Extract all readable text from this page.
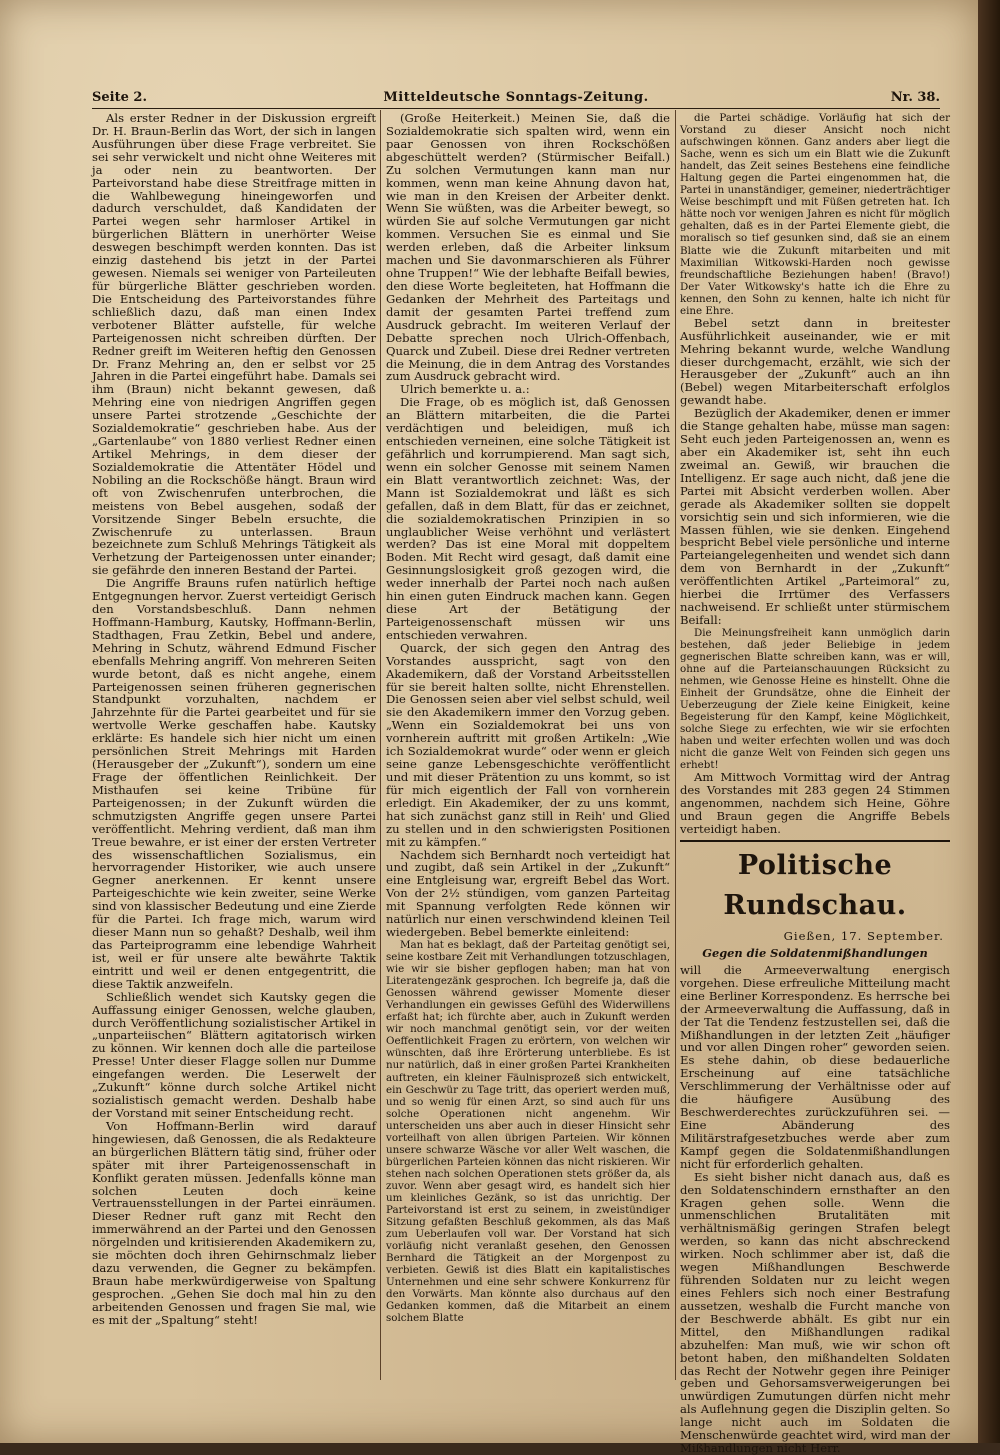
Seite 2.	Mitteldeutsche Sonntags-Zeitung.	Nr. 38.

Als erster Redner in der Diskussion ergreift Dr. H. Braun-Berlin das Wort, der sich in langen Ausführungen über diese Frage verbreitet. Sie sei sehr verwickelt und nicht ohne Weiteres mit ja oder nein zu beantworten. Der Parteivorstand habe diese Streitfrage mitten in die Wahlbewegung hineingeworfen und dadurch verschuldet, daß Kandidaten der Partei wegen sehr harmloser Artikel in bürgerlichen Blättern in unerhörter Weise deswegen beschimpft werden konnten. Das ist einzig dastehend bis jetzt in der Partei gewesen. Niemals sei weniger von Parteileuten für bürgerliche Blätter geschrieben worden. Die Entscheidung des Parteivorstandes führe schließlich dazu, daß man einen Index verbotener Blätter aufstelle, für welche Parteigenossen nicht schreiben dürften. Der Redner greift im Weiteren heftig den Genossen Dr. Franz Mehring an, den er selbst vor 25 Jahren in die Partei eingeführt habe. Damals sei ihm (Braun) nicht bekannt gewesen, daß Mehring eine von niedrigen Angriffen gegen unsere Partei strotzende „Geschichte der Sozialdemokratie“ geschrieben habe. Aus der „Gartenlaube“ von 1880 verliest Redner einen Artikel Mehrings, in dem dieser der Sozialdemokratie die Attentäter Hödel und Nobiling an die Rockschöße hängt. Braun wird oft von Zwischenrufen unterbrochen, die meistens von Bebel ausgehen, sodaß der Vorsitzende Singer Bebeln ersuchte, die Zwischenrufe zu unterlassen. Braun bezeichnete zum Schluß Mehrings Tätigkeit als Verhetzung der Parteigenossen unter einander; sie gefährde den inneren Bestand der Partei.

Die Angriffe Brauns rufen natürlich heftige Entgegnungen hervor. Zuerst verteidigt Gerisch den Vorstandsbeschluß. Dann nehmen Hoffmann-Hamburg, Kautsky, Hoffmann-Berlin, Stadthagen, Frau Zetkin, Bebel und andere, Mehring in Schutz, während Edmund Fischer ebenfalls Mehring angriff. Von mehreren Seiten wurde betont, daß es nicht angehe, einem Parteigenossen seinen früheren gegnerischen Standpunkt vorzuhalten, nachdem er Jahrzehnte für die Partei gearbeitet und für sie wertvolle Werke geschaffen habe. Kautsky erklärte: Es handele sich hier nicht um einen persönlichen Streit Mehrings mit Harden (Herausgeber der „Zukunft“), sondern um eine Frage der öffentlichen Reinlichkeit. Der Misthaufen sei keine Tribüne für Parteigenossen; in der Zukunft würden die schmutzigsten Angriffe gegen unsere Partei veröffentlicht. Mehring verdient, daß man ihm Treue bewahre, er ist einer der ersten Vertreter des wissenschaftlichen Sozialismus, ein hervorragender Historiker, wie auch unsere Gegner anerkennen. Er kennt unsere Parteigeschichte wie kein zweiter, seine Werke sind von klassischer Bedeutung und eine Zierde für die Partei. Ich frage mich, warum wird dieser Mann nun so gehaßt? Deshalb, weil ihm das Parteiprogramm eine lebendige Wahrheit ist, weil er für unsere alte bewährte Taktik eintritt und weil er denen entgegentritt, die diese Taktik anzweifeln.

Schließlich wendet sich Kautsky gegen die Auffassung einiger Genossen, welche glauben, durch Veröffentlichung sozialistischer Artikel in „unparteiischen“ Blättern agitatorisch wirken zu können. Wir kennen doch alle die parteilose Presse! Unter dieser Flagge sollen nur Dumme eingefangen werden. Die Leserwelt der „Zukunft“ könne durch solche Artikel nicht sozialistisch gemacht werden. Deshalb habe der Vorstand mit seiner Entscheidung recht.

Von Hoffmann-Berlin wird darauf hingewiesen, daß Genossen, die als Redakteure an bürgerlichen Blättern tätig sind, früher oder später mit ihrer Parteigenossenschaft in Konflikt geraten müssen. Jedenfalls könne man solchen Leuten doch keine Vertrauensstellungen in der Partei einräumen. Dieser Redner ruft ganz mit Recht den immerwährend an der Partei und den Genossen nörgelnden und kritisierenden Akademikern zu, sie möchten doch ihren Gehirnschmalz lieber dazu verwenden, die Gegner zu bekämpfen. Braun habe merkwürdigerweise von Spaltung gesprochen. „Gehen Sie doch mal hin zu den arbeitenden Genossen und fragen Sie mal, wie es mit der „Spaltung“ steht!

(Große Heiterkeit.) Meinen Sie, daß die Sozialdemokratie sich spalten wird, wenn ein paar Genossen von ihren Rockschößen abgeschüttelt werden? (Stürmischer Beifall.) Zu solchen Vermutungen kann man nur kommen, wenn man keine Ahnung davon hat, wie man in den Kreisen der Arbeiter denkt. Wenn Sie wüßten, was die Arbeiter bewegt, so würden Sie auf solche Vermutungen gar nicht kommen. Versuchen Sie es einmal und Sie werden erleben, daß die Arbeiter linksum machen und Sie davonmarschieren als Führer ohne Truppen!“ Wie der lebhafte Beifall bewies, den diese Worte begleiteten, hat Hoffmann die Gedanken der Mehrheit des Parteitags und damit der gesamten Partei treffend zum Ausdruck gebracht. Im weiteren Verlauf der Debatte sprechen noch Ulrich-Offenbach, Quarck und Zubeil. Diese drei Redner vertreten die Meinung, die in dem Antrag des Vorstandes zum Ausdruck gebracht wird.

Ulrich bemerkte u. a.:

Die Frage, ob es möglich ist, daß Genossen an Blättern mitarbeiten, die die Partei verdächtigen und beleidigen, muß ich entschieden verneinen, eine solche Tätigkeit ist gefährlich und korrumpierend. Man sagt sich, wenn ein solcher Genosse mit seinem Namen ein Blatt verantwortlich zeichnet: Was, der Mann ist Sozialdemokrat und läßt es sich gefallen, daß in dem Blatt, für das er zeichnet, die sozialdemokratischen Prinzipien in so unglaublicher Weise verhöhnt und verlästert werden? Das ist eine Moral mit doppeltem Boden. Mit Recht wird gesagt, daß damit eine Gesinnungslosigkeit groß gezogen wird, die weder innerhalb der Partei noch nach außen hin einen guten Eindruck machen kann. Gegen diese Art der Betätigung der Parteigenossenschaft müssen wir uns entschieden verwahren.

Quarck, der sich gegen den Antrag des Vorstandes ausspricht, sagt von den Akademikern, daß der Vorstand Arbeitsstellen für sie bereit halten sollte, nicht Ehrenstellen. Die Genossen seien aber viel selbst schuld, weil sie den Akademikern immer den Vorzug geben. „Wenn ein Sozialdemokrat bei uns von vornherein auftritt mit großen Artikeln: „Wie ich Sozialdemokrat wurde“ oder wenn er gleich seine ganze Lebensgeschichte veröffentlicht und mit dieser Prätention zu uns kommt, so ist für mich eigentlich der Fall von vornherein erledigt. Ein Akademiker, der zu uns kommt, hat sich zunächst ganz still in Reih' und Glied zu stellen und in den schwierigsten Positionen mit zu kämpfen.“

Nachdem sich Bernhardt noch verteidigt hat und zugibt, daß sein Artikel in der „Zukunft“ eine Entgleisung war, ergreift Bebel das Wort. Von der 2½ stündigen, vom ganzen Parteitag mit Spannung verfolgten Rede können wir natürlich nur einen verschwindend kleinen Teil wiedergeben. Bebel bemerkte einleitend:

Man hat es beklagt, daß der Parteitag genötigt sei, seine kostbare Zeit mit Verhandlungen totzuschlagen, wie wir sie bisher gepflogen haben; man hat von Literatengezänk gesprochen. Ich begreife ja, daß die Genossen während gewisser Momente dieser Verhandlungen ein gewisses Gefühl des Widerwillens erfaßt hat; ich fürchte aber, auch in Zukunft werden wir noch manchmal genötigt sein, vor der weiten Oeffentlichkeit Fragen zu erörtern, von welchen wir wünschten, daß ihre Erörterung unterbliebe. Es ist nur natürlich, daß in einer großen Partei Krankheiten auftreten, ein kleiner Fäulnisprozeß sich entwickelt, ein Geschwür zu Tage tritt, das operiert werden muß, und so wenig für einen Arzt, so sind auch für uns solche Operationen nicht angenehm. Wir unterscheiden uns aber auch in dieser Hinsicht sehr vorteilhaft von allen übrigen Parteien. Wir können unsere schwarze Wäsche vor aller Welt waschen, die bürgerlichen Parteien können das nicht riskieren. Wir stehen nach solchen Operationen stets größer da, als zuvor. Wenn aber gesagt wird, es handelt sich hier um kleinliches Gezänk, so ist das unrichtig. Der Parteivorstand ist erst zu seinem, in zweistündiger Sitzung gefaßten Beschluß gekommen, als das Maß zum Ueberlaufen voll war. Der Vorstand hat sich vorläufig nicht veranlaßt gesehen, den Genossen Bernhard die Tätigkeit an der Morgenpost zu verbieten. Gewiß ist dies Blatt ein kapitalistisches Unternehmen und eine sehr schwere Konkurrenz für den Vorwärts. Man könnte also durchaus auf den Gedanken kommen, daß die Mitarbeit an einem solchem Blatte

die Partei schädige. Vorläufig hat sich der Vorstand zu dieser Ansicht noch nicht aufschwingen können. Ganz anders aber liegt die Sache, wenn es sich um ein Blatt wie die Zukunft handelt, das Zeit seines Bestehens eine feindliche Haltung gegen die Partei eingenommen hat, die Partei in unanständiger, gemeiner, niederträchtiger Weise beschimpft und mit Füßen getreten hat. Ich hätte noch vor wenigen Jahren es nicht für möglich gehalten, daß es in der Partei Elemente giebt, die moralisch so tief gesunken sind, daß sie an einem Blatte wie die Zukunft mitarbeiten und mit Maximilian Witkowski-Harden noch gewisse freundschaftliche Beziehungen haben! (Bravo!) Der Vater Witkowsky's hatte ich die Ehre zu kennen, den Sohn zu kennen, halte ich nicht für eine Ehre.

Bebel setzt dann in breitester Ausführlichkeit auseinander, wie er mit Mehring bekannt wurde, welche Wandlung dieser durchgemacht, erzählt, wie sich der Herausgeber der „Zukunft“ auch an ihn (Bebel) wegen Mitarbeiterschaft erfolglos gewandt habe.

Bezüglich der Akademiker, denen er immer die Stange gehalten habe, müsse man sagen: Seht euch jeden Parteigenossen an, wenn es aber ein Akademiker ist, seht ihn euch zweimal an. Gewiß, wir brauchen die Intelligenz. Er sage auch nicht, daß jene die Partei mit Absicht verderben wollen. Aber gerade als Akademiker sollten sie doppelt vorsichtig sein und sich informieren, wie die Massen fühlen, wie sie denken. Eingehend bespricht Bebel viele persönliche und interne Parteiangelegenheiten und wendet sich dann dem von Bernhardt in der „Zukunft“ veröffentlichten Artikel „Parteimoral“ zu, hierbei die Irrtümer des Verfassers nachweisend. Er schließt unter stürmischem Beifall:

Die Meinungsfreiheit kann unmöglich darin bestehen, daß jeder Beliebige in jedem gegnerischen Blatte schreiben kann, was er will, ohne auf die Parteianschauungen Rücksicht zu nehmen, wie Genosse Heine es hinstellt. Ohne die Einheit der Grundsätze, ohne die Einheit der Ueberzeugung der Ziele keine Einigkeit, keine Begeisterung für den Kampf, keine Möglichkeit, solche Siege zu erfechten, wie wir sie erfochten haben und weiter erfechten wollen und was doch nicht die ganze Welt von Feinden sich gegen uns erhebt!

Am Mittwoch Vormittag wird der Antrag des Vorstandes mit 283 gegen 24 Stimmen angenommen, nachdem sich Heine, Göhre und Braun gegen die Angriffe Bebels verteidigt haben.

Politische Rundschau.
Gießen, 17. September.
Gegen die Soldatenmißhandlungen

will die Armeeverwaltung energisch vorgehen. Diese erfreuliche Mitteilung macht eine Berliner Korrespondenz. Es herrsche bei der Armeeverwaltung die Auffassung, daß in der Tat die Tendenz festzustellen sei, daß die Mißhandlungen in der letzten Zeit „häufiger und vor allen Dingen roher“ geworden seien. Es stehe dahin, ob diese bedauerliche Erscheinung auf eine tatsächliche Verschlimmerung der Verhältnisse oder auf die häufigere Ausübung des Beschwerderechtes zurückzuführen sei. — Eine Abänderung des Militärstrafgesetzbuches werde aber zum Kampf gegen die Soldatenmißhandlungen nicht für erforderlich gehalten.

Es sieht bisher nicht danach aus, daß es den Soldatenschindern ernsthafter an den Kragen gehen solle. Wenn die unmenschlichen Brutalitäten mit verhältnismäßig geringen Strafen belegt werden, so kann das nicht abschreckend wirken. Noch schlimmer aber ist, daß die wegen Mißhandlungen Beschwerde führenden Soldaten nur zu leicht wegen eines Fehlers sich noch einer Bestrafung aussetzen, weshalb die Furcht manche von der Beschwerde abhält. Es gibt nur ein Mittel, den Mißhandlungen radikal abzuhelfen: Man muß, wie wir schon oft betont haben, den mißhandelten Soldaten das Recht der Notwehr gegen ihre Peiniger geben und Gehorsamsverweigerungen bei unwürdigen Zumutungen dürfen nicht mehr als Auflehnung gegen die Disziplin gelten. So lange nicht auch im Soldaten die Menschenwürde geachtet wird, wird man der Mißhandlungen nicht Herr.
